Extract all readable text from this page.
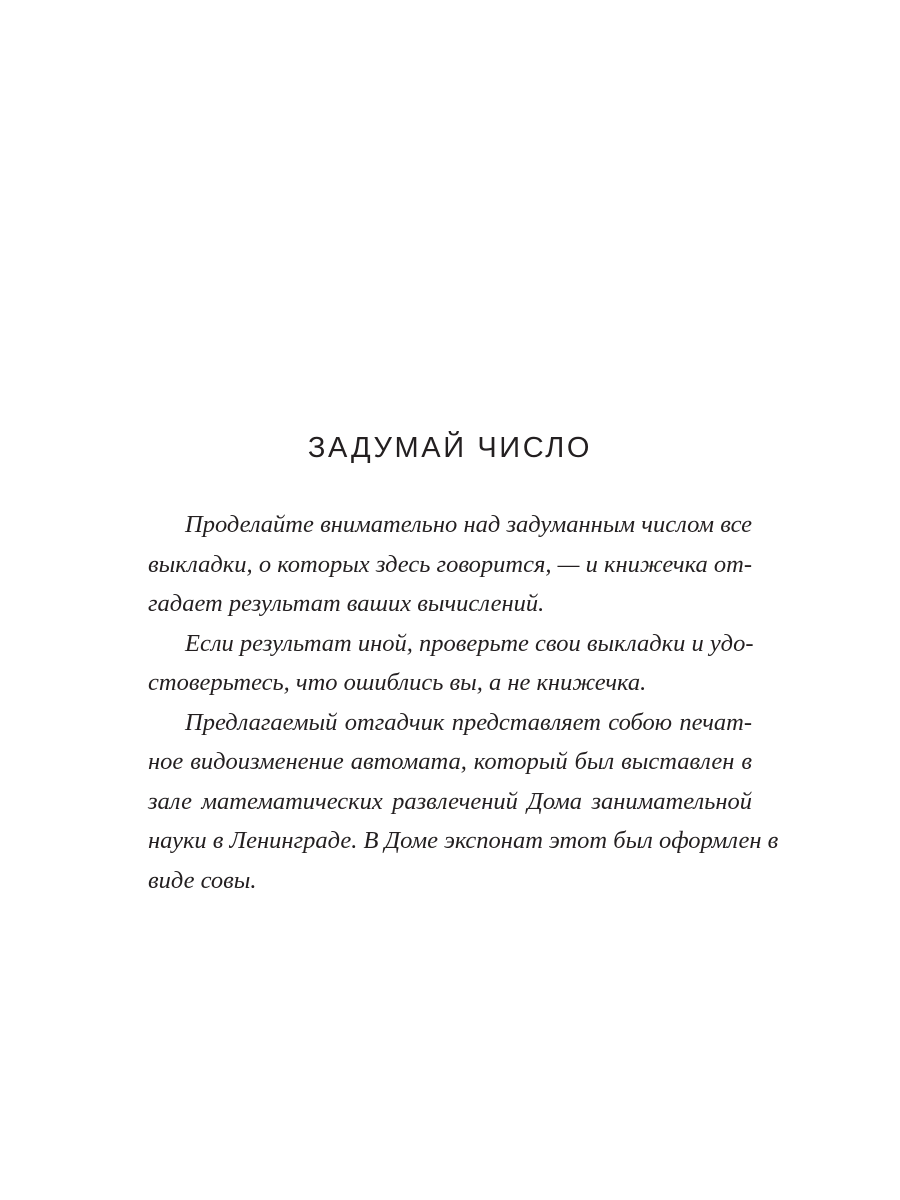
ЗАДУМАЙ ЧИСЛО
Проделайте внимательно над задуманным числом все
выкладки, о которых здесь говорится, — и книжечка от-
гадает результат ваших вычислений.
Если результат иной, проверьте свои выкладки и удо-
стоверьтесь, что ошиблись вы, а не книжечка.
Предлагаемый отгадчик представляет собою печат-
ное видоизменение автомата, который был выставлен в
зале математических развлечений Дома занимательной
науки в Ленинграде. В Доме экспонат этот был оформлен в
виде совы.
